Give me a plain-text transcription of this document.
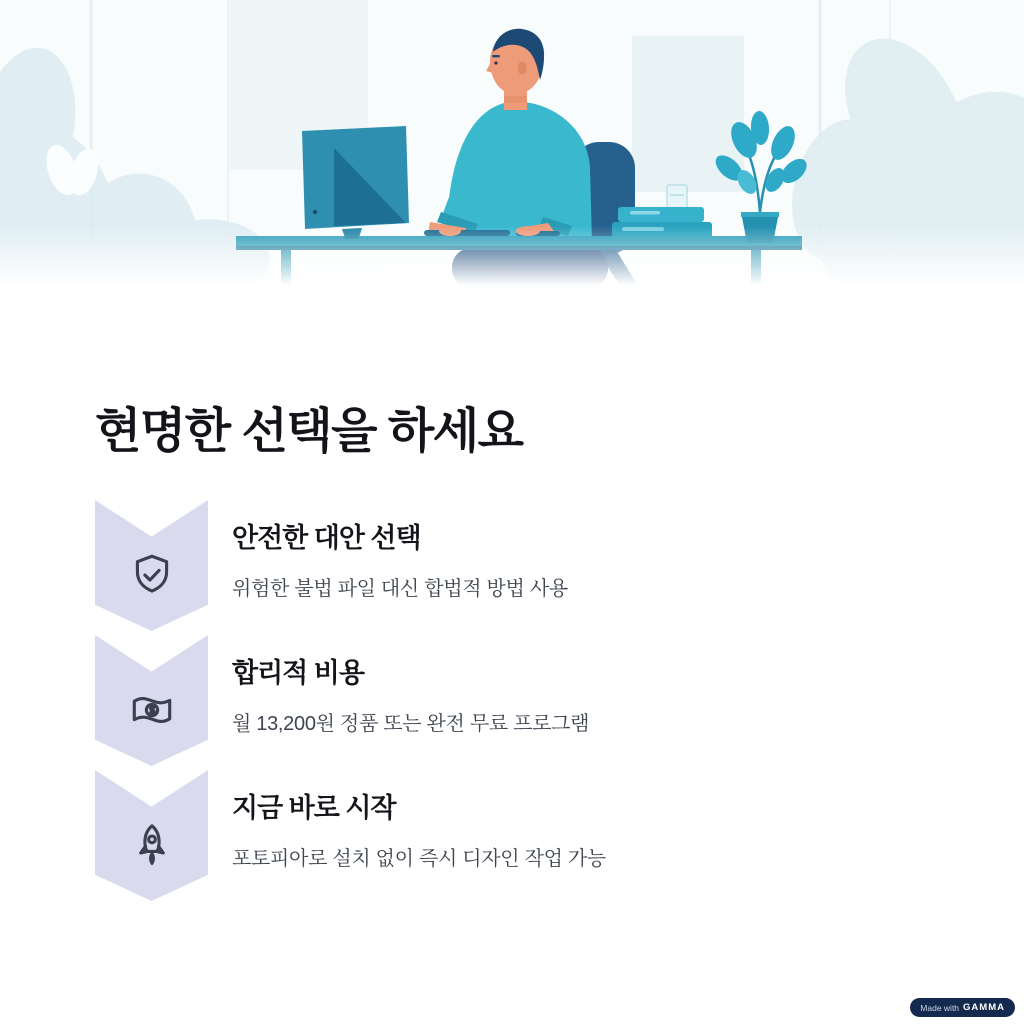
현명한 선택을 하세요
안전한 대안 선택
위험한 불법 파일 대신 합법적 방법 사용
합리적 비용
월 13,200원 정품 또는 완전 무료 프로그램
지금 바로 시작
포토피아로 설치 없이 즉시 디자인 작업 가능
Made with GAMMA
